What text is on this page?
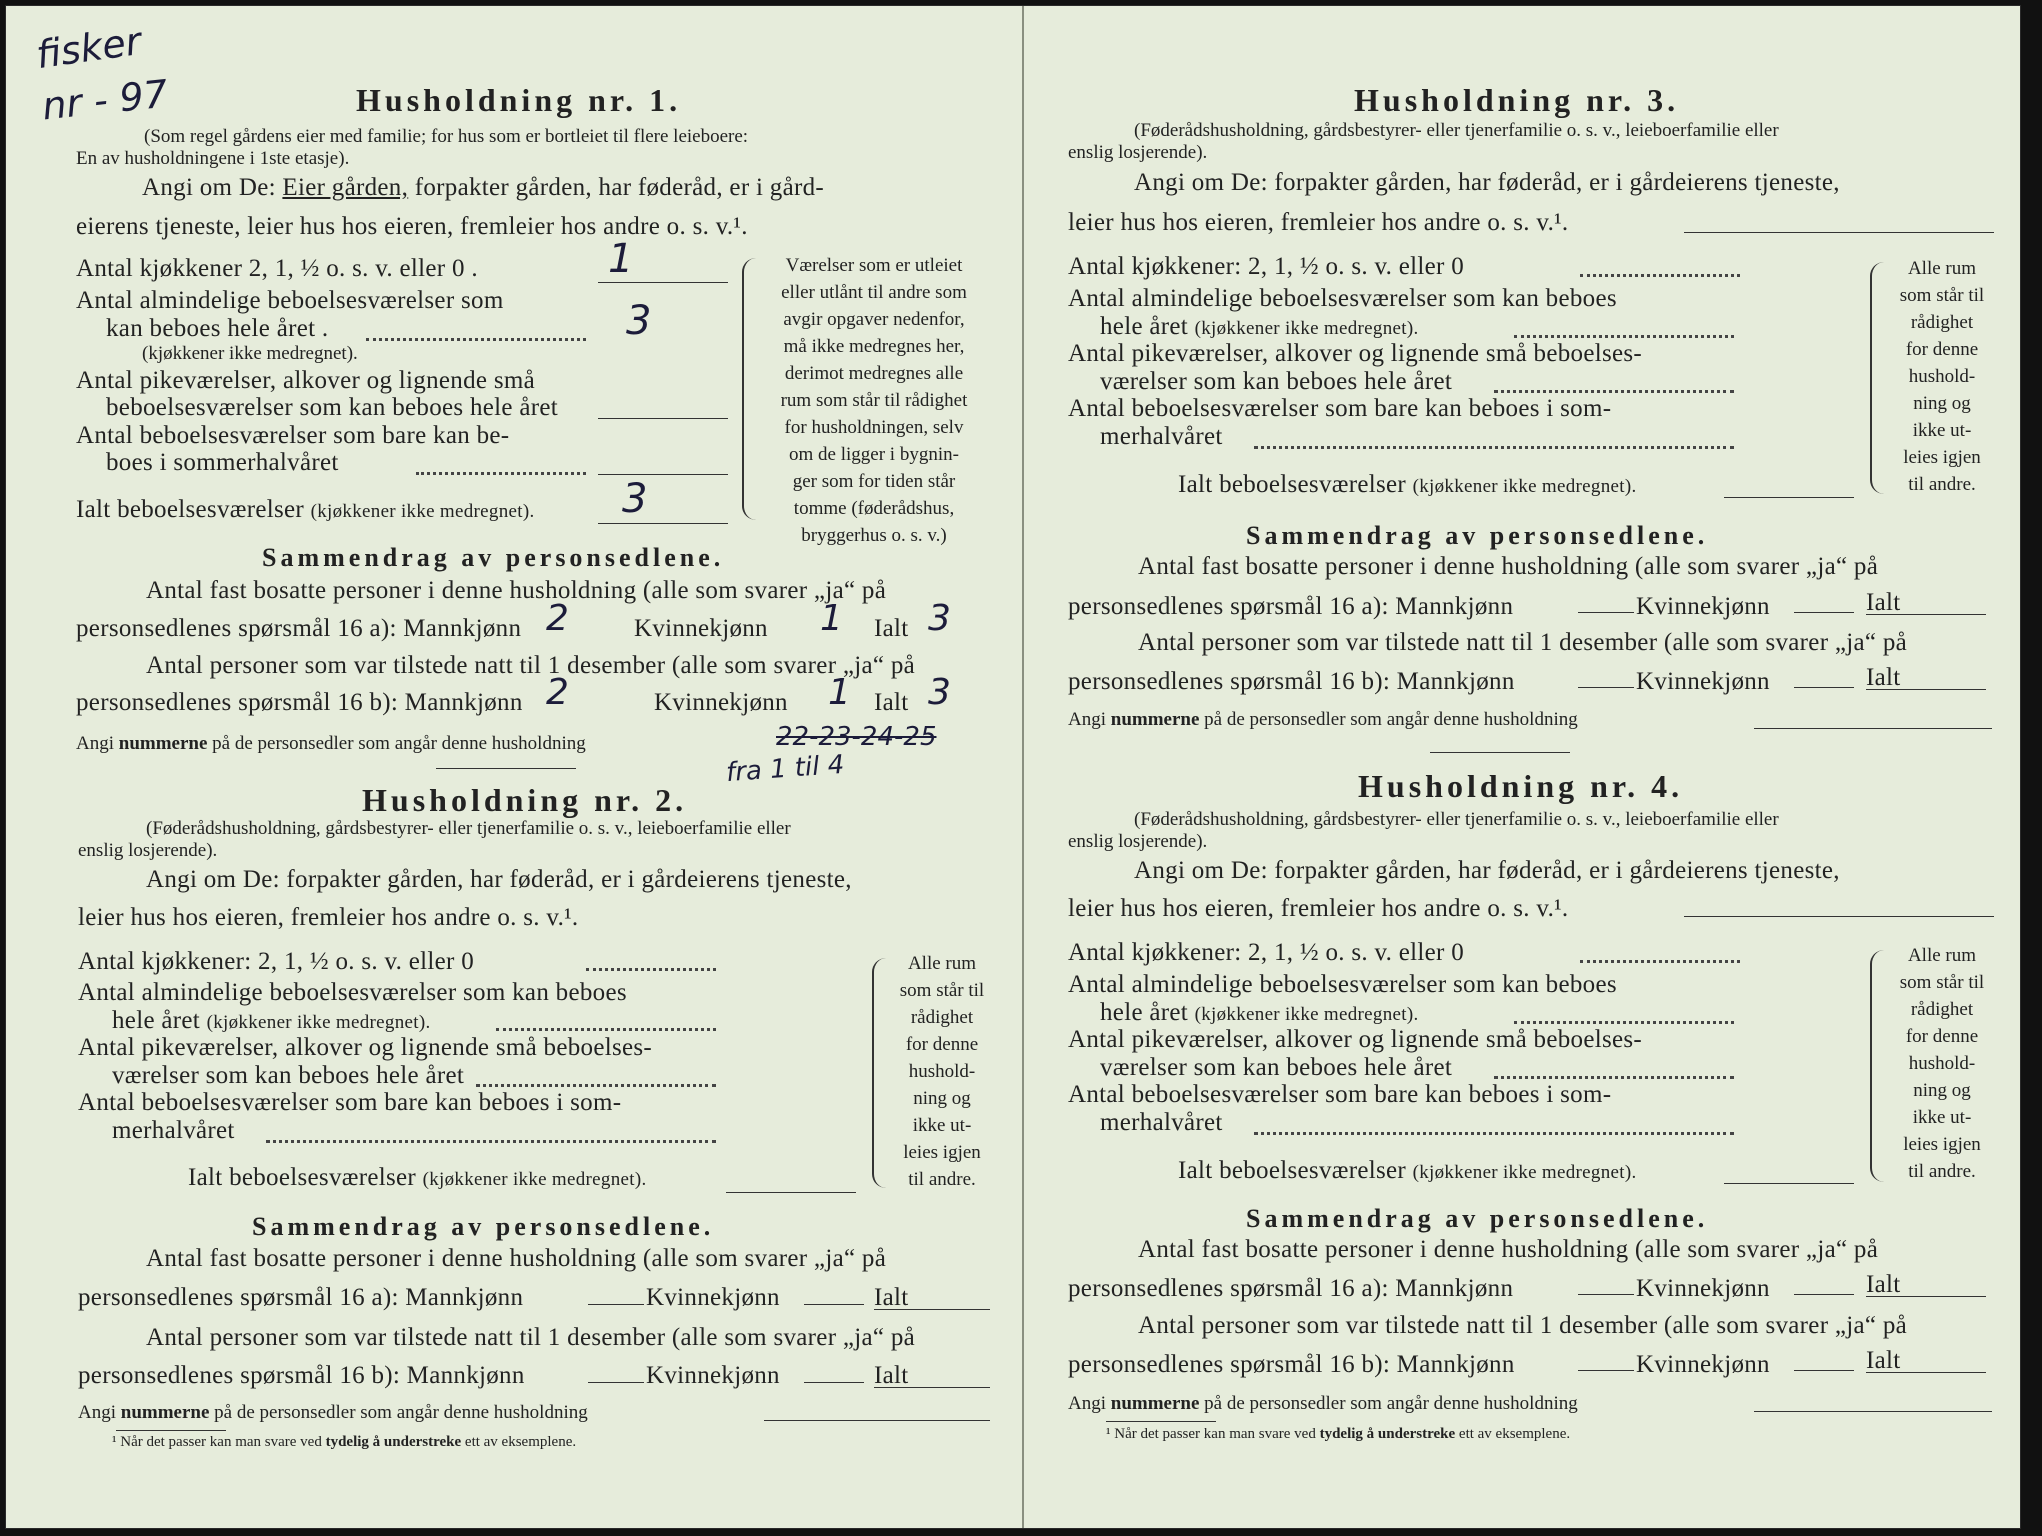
fisker
nr - 97	Husholdning nr. 1.
(Som regel gårdens eier med familie; for hus som er bortleiet til flere leieboere:
En av husholdningene i 1ste etasje).
Angi om De: Eier gården, forpakter gården, har føderåd, er i gård-
eierens tjeneste, leier hus hos eieren, fremleier hos andre o. s. v.¹.
Antal kjøkkener 2, 1, ½ o. s. v. eller 0 .	1
Antal almindelige beboelsesværelser som
kan beboes hele året .	3
(kjøkkener ikke medregnet).
Antal pikeværelser, alkover og lignende små
beboelsesværelser som kan beboes hele året
Antal beboelsesværelser som bare kan be-
boes i sommerhalvåret
Ialt beboelsesværelser (kjøkkener ikke medregnet). 3
Værelser som er utleiet
eller utlånt til andre som
avgir opgaver nedenfor,
må ikke medregnes her,
derimot medregnes alle
rum som står til rådighet
for husholdningen, selv
om de ligger i bygnin-
ger som for tiden står
tomme (føderådshus,
bryggerhus o. s. v.)
Sammendrag av personsedlene.
Antal fast bosatte personer i denne husholdning (alle som svarer „ja“ på
personsedlenes spørsmål 16 a): Mannkjønn 2	Kvinnekjønn 1 Ialt 3
Antal personer som var tilstede natt til 1 desember (alle som svarer „ja“ på
personsedlenes spørsmål 16 b): Mannkjønn 2	Kvinnekjønn 1 Ialt 3
Angi nummerne på de personsedler som angår denne husholdning	22-23-24-25
fra 1 til 4
Husholdning nr. 2.
(Føderådshusholdning, gårdsbestyrer- eller tjenerfamilie o. s. v., leieboerfamilie eller
enslig losjerende).
Angi om De: forpakter gården, har føderåd, er i gårdeierens tjeneste,
leier hus hos eieren, fremleier hos andre o. s. v.¹.
Antal kjøkkener: 2, 1, ½ o. s. v. eller 0
Antal almindelige beboelsesværelser som kan beboes
hele året (kjøkkener ikke medregnet).
Antal pikeværelser, alkover og lignende små beboelses-
værelser som kan beboes hele året
Antal beboelsesværelser som bare kan beboes i som-
merhalvåret
Ialt beboelsesværelser (kjøkkener ikke medregnet).
Alle rum
som står til
rådighet
for denne
hushold-
ning og
ikke ut-
leies igjen
til andre.
Sammendrag av personsedlene.
Antal fast bosatte personer i denne husholdning (alle som svarer „ja“ på
personsedlenes spørsmål 16 a): Mannkjønn	Kvinnekjønn	Ialt
Antal personer som var tilstede natt til 1 desember (alle som svarer „ja“ på
personsedlenes spørsmål 16 b): Mannkjønn	Kvinnekjønn	Ialt
Angi nummerne på de personsedler som angår denne husholdning
¹ Når det passer kan man svare ved tydelig å understreke ett av eksemplene.
Husholdning nr. 3.
(Føderådshusholdning, gårdsbestyrer- eller tjenerfamilie o. s. v., leieboerfamilie eller
enslig losjerende).
Angi om De: forpakter gården, har føderåd, er i gårdeierens tjeneste,
leier hus hos eieren, fremleier hos andre o. s. v.¹.
Antal kjøkkener: 2, 1, ½ o. s. v. eller 0
Antal almindelige beboelsesværelser som kan beboes
hele året (kjøkkener ikke medregnet).
Antal pikeværelser, alkover og lignende små beboelses-
værelser som kan beboes hele året
Antal beboelsesværelser som bare kan beboes i som-
merhalvåret
Ialt beboelsesværelser (kjøkkener ikke medregnet).
Alle rum
som står til
rådighet
for denne
hushold-
ning og
ikke ut-
leies igjen
til andre.
Sammendrag av personsedlene.
Antal fast bosatte personer i denne husholdning (alle som svarer „ja“ på
personsedlenes spørsmål 16 a): Mannkjønn	Kvinnekjønn	Ialt
Antal personer som var tilstede natt til 1 desember (alle som svarer „ja“ på
personsedlenes spørsmål 16 b): Mannkjønn	Kvinnekjønn	Ialt
Angi nummerne på de personsedler som angår denne husholdning
Husholdning nr. 4.
(Føderådshusholdning, gårdsbestyrer- eller tjenerfamilie o. s. v., leieboerfamilie eller
enslig losjerende).
Angi om De: forpakter gården, har føderåd, er i gårdeierens tjeneste,
leier hus hos eieren, fremleier hos andre o. s. v.¹.
Antal kjøkkener: 2, 1, ½ o. s. v. eller 0
Antal almindelige beboelsesværelser som kan beboes
hele året (kjøkkener ikke medregnet).
Antal pikeværelser, alkover og lignende små beboelses-
værelser som kan beboes hele året
Antal beboelsesværelser som bare kan beboes i som-
merhalvåret
Ialt beboelsesværelser (kjøkkener ikke medregnet).
Alle rum
som står til
rådighet
for denne
hushold-
ning og
ikke ut-
leies igjen
til andre.
Sammendrag av personsedlene.
Antal fast bosatte personer i denne husholdning (alle som svarer „ja“ på
personsedlenes spørsmål 16 a): Mannkjønn	Kvinnekjønn	Ialt
Antal personer som var tilstede natt til 1 desember (alle som svarer „ja“ på
personsedlenes spørsmål 16 b): Mannkjønn	Kvinnekjønn	Ialt
Angi nummerne på de personsedler som angår denne husholdning
¹ Når det passer kan man svare ved tydelig å understreke ett av eksemplene.
